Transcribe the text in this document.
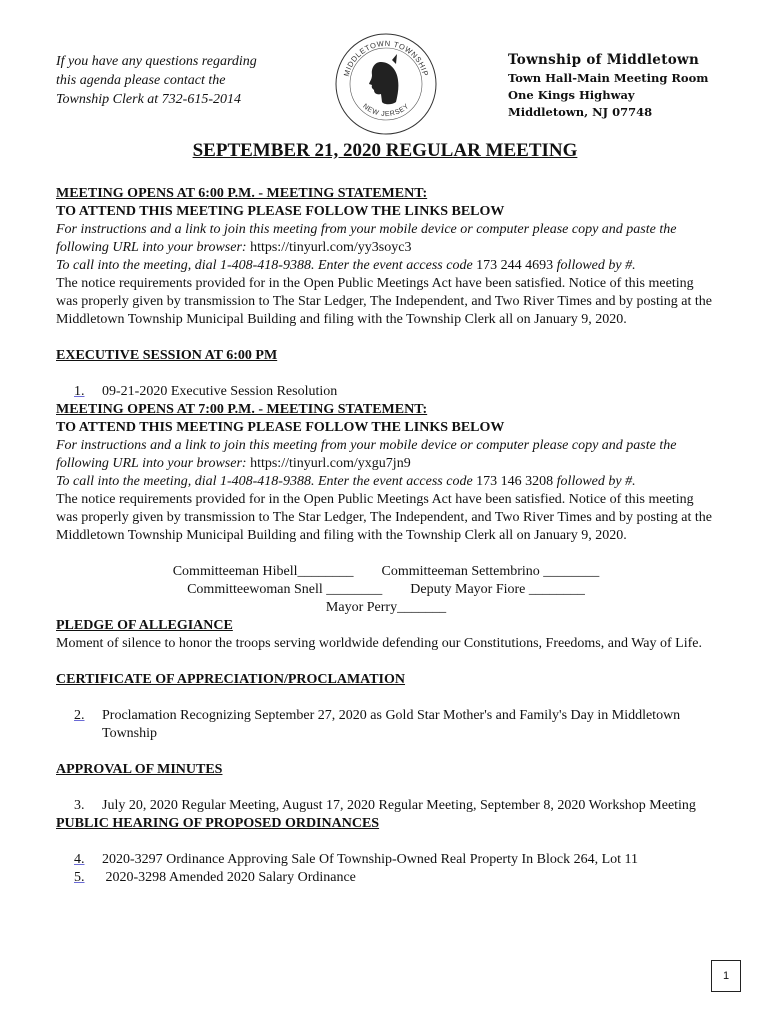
If you have any questions regarding
this agenda please contact the
Township Clerk at 732-615-2014
MIDDLETOWN TOWNSHIP
NEW JERSEY
Township of Middletown
Town Hall-Main Meeting Room
One Kings Highway
Middletown, NJ 07748
SEPTEMBER 21, 2020 REGULAR MEETING
MEETING OPENS AT 6:00 P.M. - MEETING STATEMENT:
TO ATTEND THIS MEETING PLEASE FOLLOW THE LINKS BELOW
For instructions and a link to join this meeting from your mobile device or computer please copy and paste the following URL into your browser: https://tinyurl.com/yy3soyc3
To call into the meeting, dial 1-408-418-9388. Enter the event access code 173 244 4693 followed by #.
The notice requirements provided for in the Open Public Meetings Act have been satisfied. Notice of this meeting was properly given by transmission to The Star Ledger, The Independent, and Two River Times and by posting at the Middletown Township Municipal Building and filing with the Township Clerk all on January 9, 2020.
EXECUTIVE SESSION AT 6:00 PM
1.	09-21-2020 Executive Session Resolution
MEETING OPENS AT 7:00 P.M. - MEETING STATEMENT:
TO ATTEND THIS MEETING PLEASE FOLLOW THE LINKS BELOW
For instructions and a link to join this meeting from your mobile device or computer please copy and paste the following URL into your browser: https://tinyurl.com/yxgu7jn9
To call into the meeting, dial 1-408-418-9388. Enter the event access code 173 146 3208 followed by #.
The notice requirements provided for in the Open Public Meetings Act have been satisfied. Notice of this meeting was properly given by transmission to The Star Ledger, The Independent, and Two River Times and by posting at the Middletown Township Municipal Building and filing with the Township Clerk all on January 9, 2020.
Committeeman Hibell________        Committeeman Settembrino ________
Committeewoman Snell ________        Deputy Mayor Fiore ________
Mayor Perry_______
PLEDGE OF ALLEGIANCE
Moment of silence to honor the troops serving worldwide defending our Constitutions, Freedoms, and Way of Life.
CERTIFICATE OF APPRECIATION/PROCLAMATION
2.	Proclamation Recognizing September 27, 2020 as Gold Star Mother's and Family's Day in Middletown Township
APPROVAL OF MINUTES
3.	July 20, 2020 Regular Meeting, August 17, 2020 Regular Meeting, September 8, 2020 Workshop Meeting
PUBLIC HEARING OF PROPOSED ORDINANCES
4.	2020-3297 Ordinance Approving Sale Of Township-Owned Real Property In Block 264, Lot 11
5.	2020-3298 Amended 2020 Salary Ordinance
1
